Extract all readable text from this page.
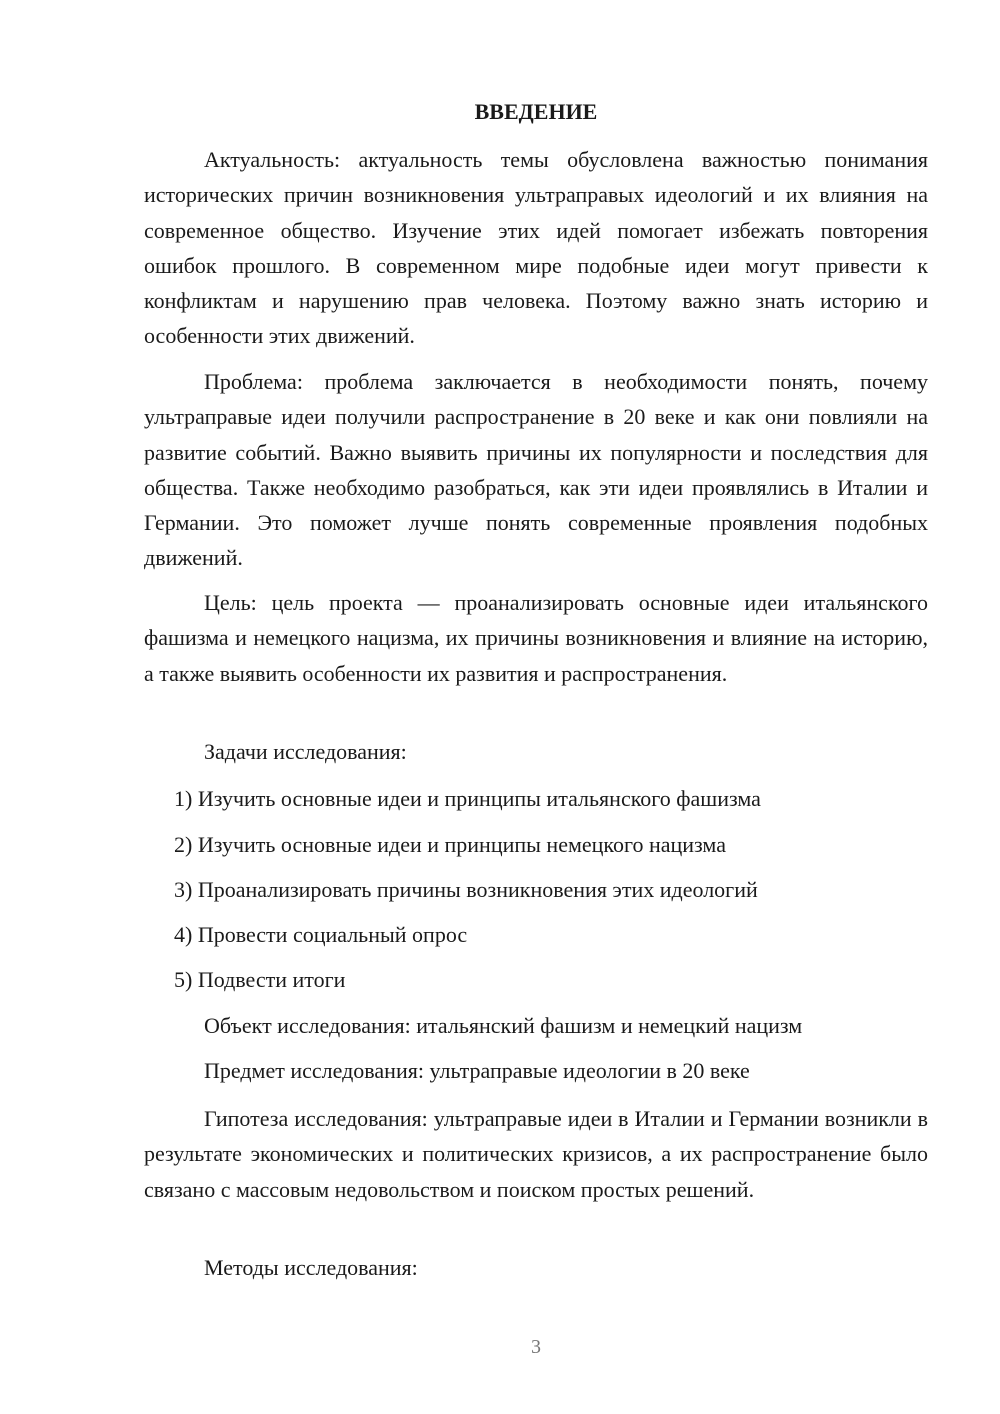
ВВЕДЕНИЕ

Актуальность: актуальность темы обусловлена важностью понимания исторических причин возникновения ультраправых идеологий и их влияния на современное общество. Изучение этих идей помогает избежать повторения ошибок прошлого. В современном мире подобные идеи могут привести к конфликтам и нарушению прав человека. Поэтому важно знать историю и особенности этих движений.

Проблема: проблема заключается в необходимости понять, почему ультраправые идеи получили распространение в 20 веке и как они повлияли на развитие событий. Важно выявить причины их популярности и последствия для общества. Также необходимо разобраться, как эти идеи проявлялись в Италии и Германии. Это поможет лучше понять современные проявления подобных движений.

Цель: цель проекта — проанализировать основные идеи итальянского фашизма и немецкого нацизма, их причины возникновения и влияние на историю, а также выявить особенности их развития и распространения.

Задачи исследования:
1) Изучить основные идеи и принципы итальянского фашизма
2) Изучить основные идеи и принципы немецкого нацизма
3) Проанализировать причины возникновения этих идеологий
4) Провести социальный опрос
5) Подвести итоги
Объект исследования: итальянский фашизм и немецкий нацизм
Предмет исследования: ультраправые идеологии в 20 веке

Гипотеза исследования: ультраправые идеи в Италии и Германии возникли в результате экономических и политических кризисов, а их распространение было связано с массовым недовольством и поиском простых решений.

Методы исследования:
3
